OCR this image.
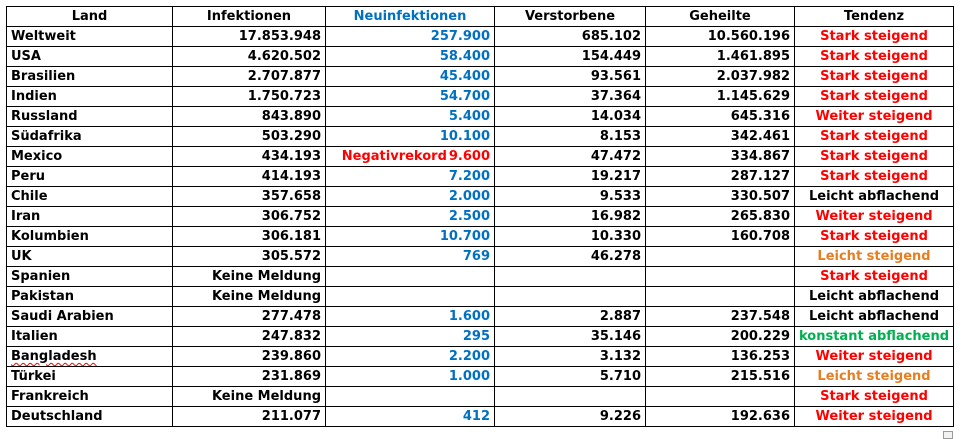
Land	Infektionen	Neuinfektionen	Verstorbene	Geheilte	Tendenz
Weltweit	17.853.948	257.900	685.102	10.560.196	Stark steigend
USA	4.620.502	58.400	154.449	1.461.895	Stark steigend
Brasilien	2.707.877	45.400	93.561	2.037.982	Stark steigend
Indien	1.750.723	54.700	37.364	1.145.629	Stark steigend
Russland	843.890	5.400	14.034	645.316	Weiter steigend
Südafrika	503.290	10.100	8.153	342.461	Stark steigend
Mexico	434.193	Negativrekord 9.600	47.472	334.867	Stark steigend
Peru	414.193	7.200	19.217	287.127	Stark steigend
Chile	357.658	2.000	9.533	330.507	Leicht abflachend
Iran	306.752	2.500	16.982	265.830	Weiter steigend
Kolumbien	306.181	10.700	10.330	160.708	Stark steigend
UK	305.572	769	46.278		Leicht steigend
Spanien	Keine Meldung				Stark steigend
Pakistan	Keine Meldung				Leicht abflachend
Saudi Arabien	277.478	1.600	2.887	237.548	Leicht abflachend
Italien	247.832	295	35.146	200.229	konstant abflachend
Bangladesh	239.860	2.200	3.132	136.253	Weiter steigend
Türkei	231.869	1.000	5.710	215.516	Leicht steigend
Frankreich	Keine Meldung				Stark steigend
Deutschland	211.077	412	9.226	192.636	Weiter steigend
